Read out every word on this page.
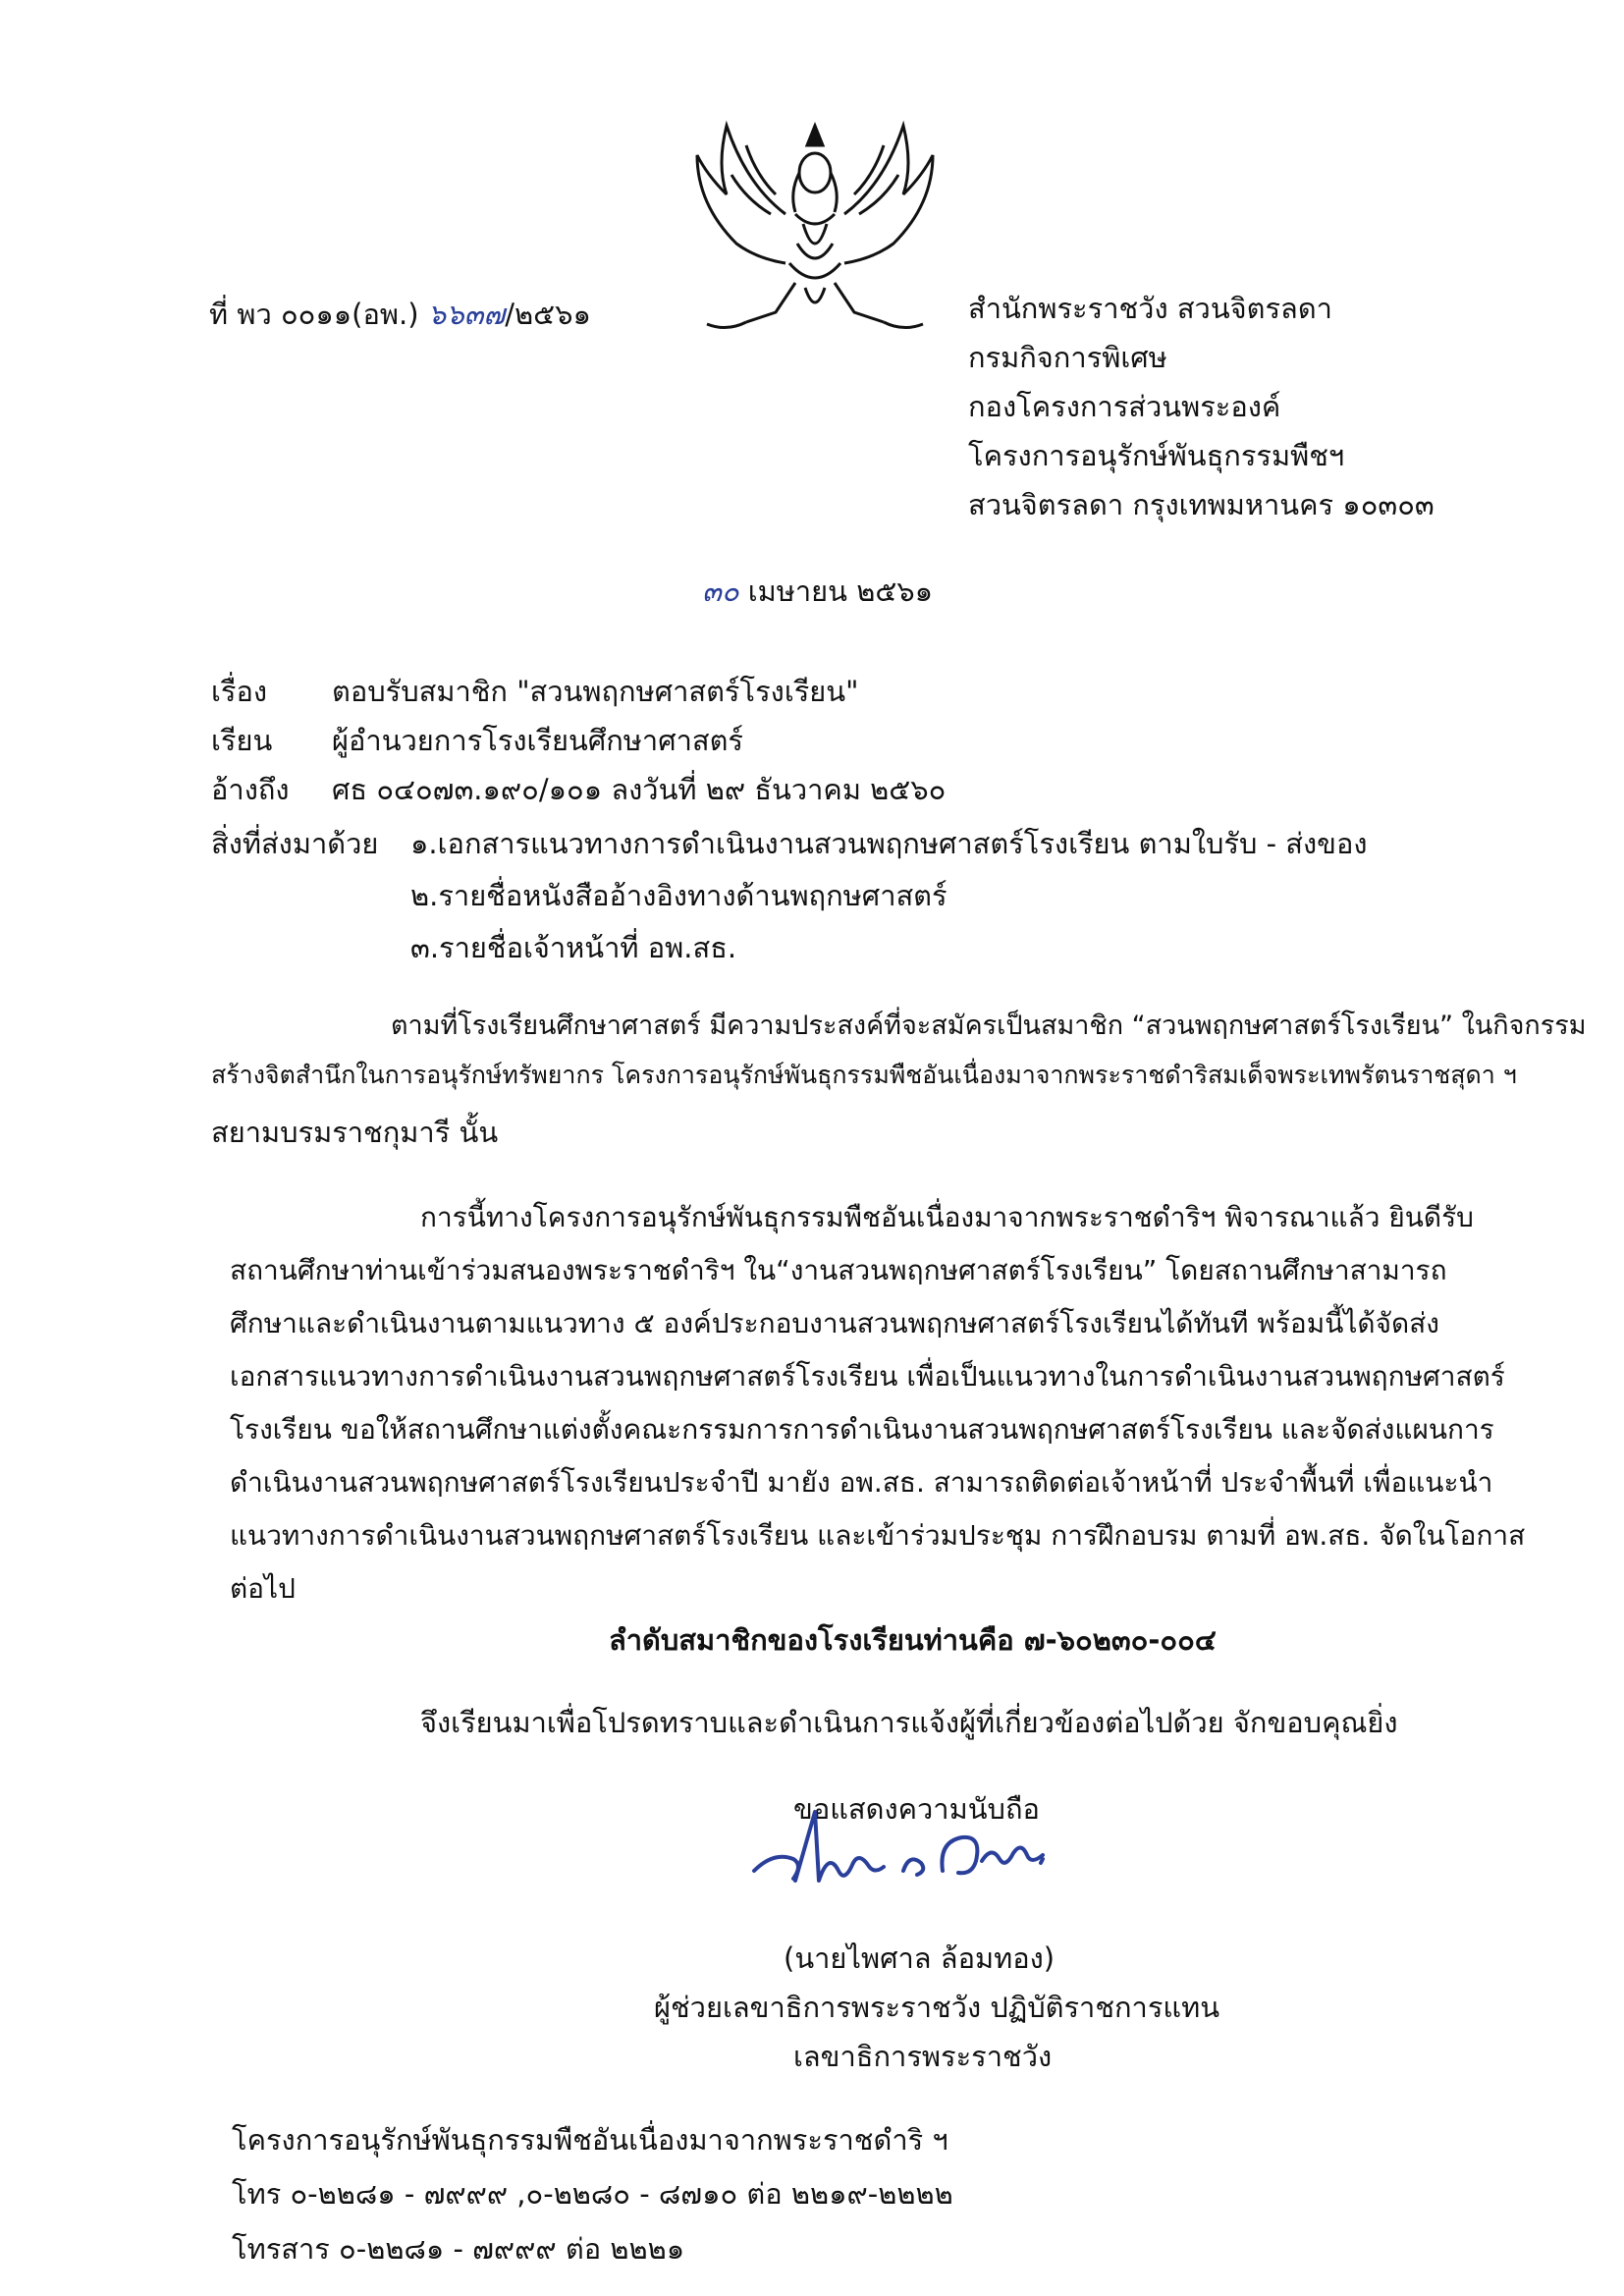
ที่ พว ๐๐๑๑(อพ.) ๖๖๓๗/๒๕๖๑	สำนักพระราชวัง สวนจิตรลดา
กรมกิจการพิเศษ
กองโครงการส่วนพระองค์
โครงการอนุรักษ์พันธุกรรมพืชฯ
สวนจิตรลดา กรุงเทพมหานคร ๑๐๓๐๓
๓๐ เมษายน ๒๕๖๑
เรื่อง ตอบรับสมาชิก "สวนพฤกษศาสตร์โรงเรียน"
เรียน ผู้อำนวยการโรงเรียนศึกษาศาสตร์
อ้างถึง ศธ ๐๔๐๗๓.๑๙๐/๑๐๑ ลงวันที่ ๒๙ ธันวาคม ๒๕๖๐
สิ่งที่ส่งมาด้วย ๑.เอกสารแนวทางการดำเนินงานสวนพฤกษศาสตร์โรงเรียน ตามใบรับ - ส่งของ
๒.รายชื่อหนังสืออ้างอิงทางด้านพฤกษศาสตร์
๓.รายชื่อเจ้าหน้าที่ อพ.สธ.
ตามที่โรงเรียนศึกษาศาสตร์ มีความประสงค์ที่จะสมัครเป็นสมาชิก “สวนพฤกษศาสตร์โรงเรียน” ในกิจกรรม
สร้างจิตสำนึกในการอนุรักษ์ทรัพยากร โครงการอนุรักษ์พันธุกรรมพืชอันเนื่องมาจากพระราชดำริสมเด็จพระเทพรัตนราชสุดา ฯ
สยามบรมราชกุมารี นั้น
การนี้ทางโครงการอนุรักษ์พันธุกรรมพืชอันเนื่องมาจากพระราชดำริฯ พิจารณาแล้ว ยินดีรับ
สถานศึกษาท่านเข้าร่วมสนองพระราชดำริฯ ใน“งานสวนพฤกษศาสตร์โรงเรียน” โดยสถานศึกษาสามารถ
ศึกษาและดำเนินงานตามแนวทาง ๕ องค์ประกอบงานสวนพฤกษศาสตร์โรงเรียนได้ทันที พร้อมนี้ได้จัดส่ง
เอกสารแนวทางการดำเนินงานสวนพฤกษศาสตร์โรงเรียน เพื่อเป็นแนวทางในการดำเนินงานสวนพฤกษศาสตร์
โรงเรียน ขอให้สถานศึกษาแต่งตั้งคณะกรรมการการดำเนินงานสวนพฤกษศาสตร์โรงเรียน และจัดส่งแผนการ
ดำเนินงานสวนพฤกษศาสตร์โรงเรียนประจำปี มายัง อพ.สธ. สามารถติดต่อเจ้าหน้าที่ ประจำพื้นที่ เพื่อแนะนำ
แนวทางการดำเนินงานสวนพฤกษศาสตร์โรงเรียน และเข้าร่วมประชุม การฝึกอบรม ตามที่ อพ.สธ. จัดในโอกาส
ต่อไป
ลำดับสมาชิกของโรงเรียนท่านคือ ๗-๖๐๒๓๐-๐๐๔
จึงเรียนมาเพื่อโปรดทราบและดำเนินการแจ้งผู้ที่เกี่ยวข้องต่อไปด้วย จักขอบคุณยิ่ง
ขอแสดงความนับถือ
(นายไพศาล ล้อมทอง)
ผู้ช่วยเลขาธิการพระราชวัง ปฏิบัติราชการแทน
เลขาธิการพระราชวัง
โครงการอนุรักษ์พันธุกรรมพืชอันเนื่องมาจากพระราชดำริ ฯ
โทร ๐-๒๒๘๑ - ๗๙๙๙ ,๐-๒๒๘๐ - ๘๗๑๐ ต่อ ๒๒๑๙-๒๒๒๒
โทรสาร ๐-๒๒๘๑ - ๗๙๙๙ ต่อ ๒๒๒๑
